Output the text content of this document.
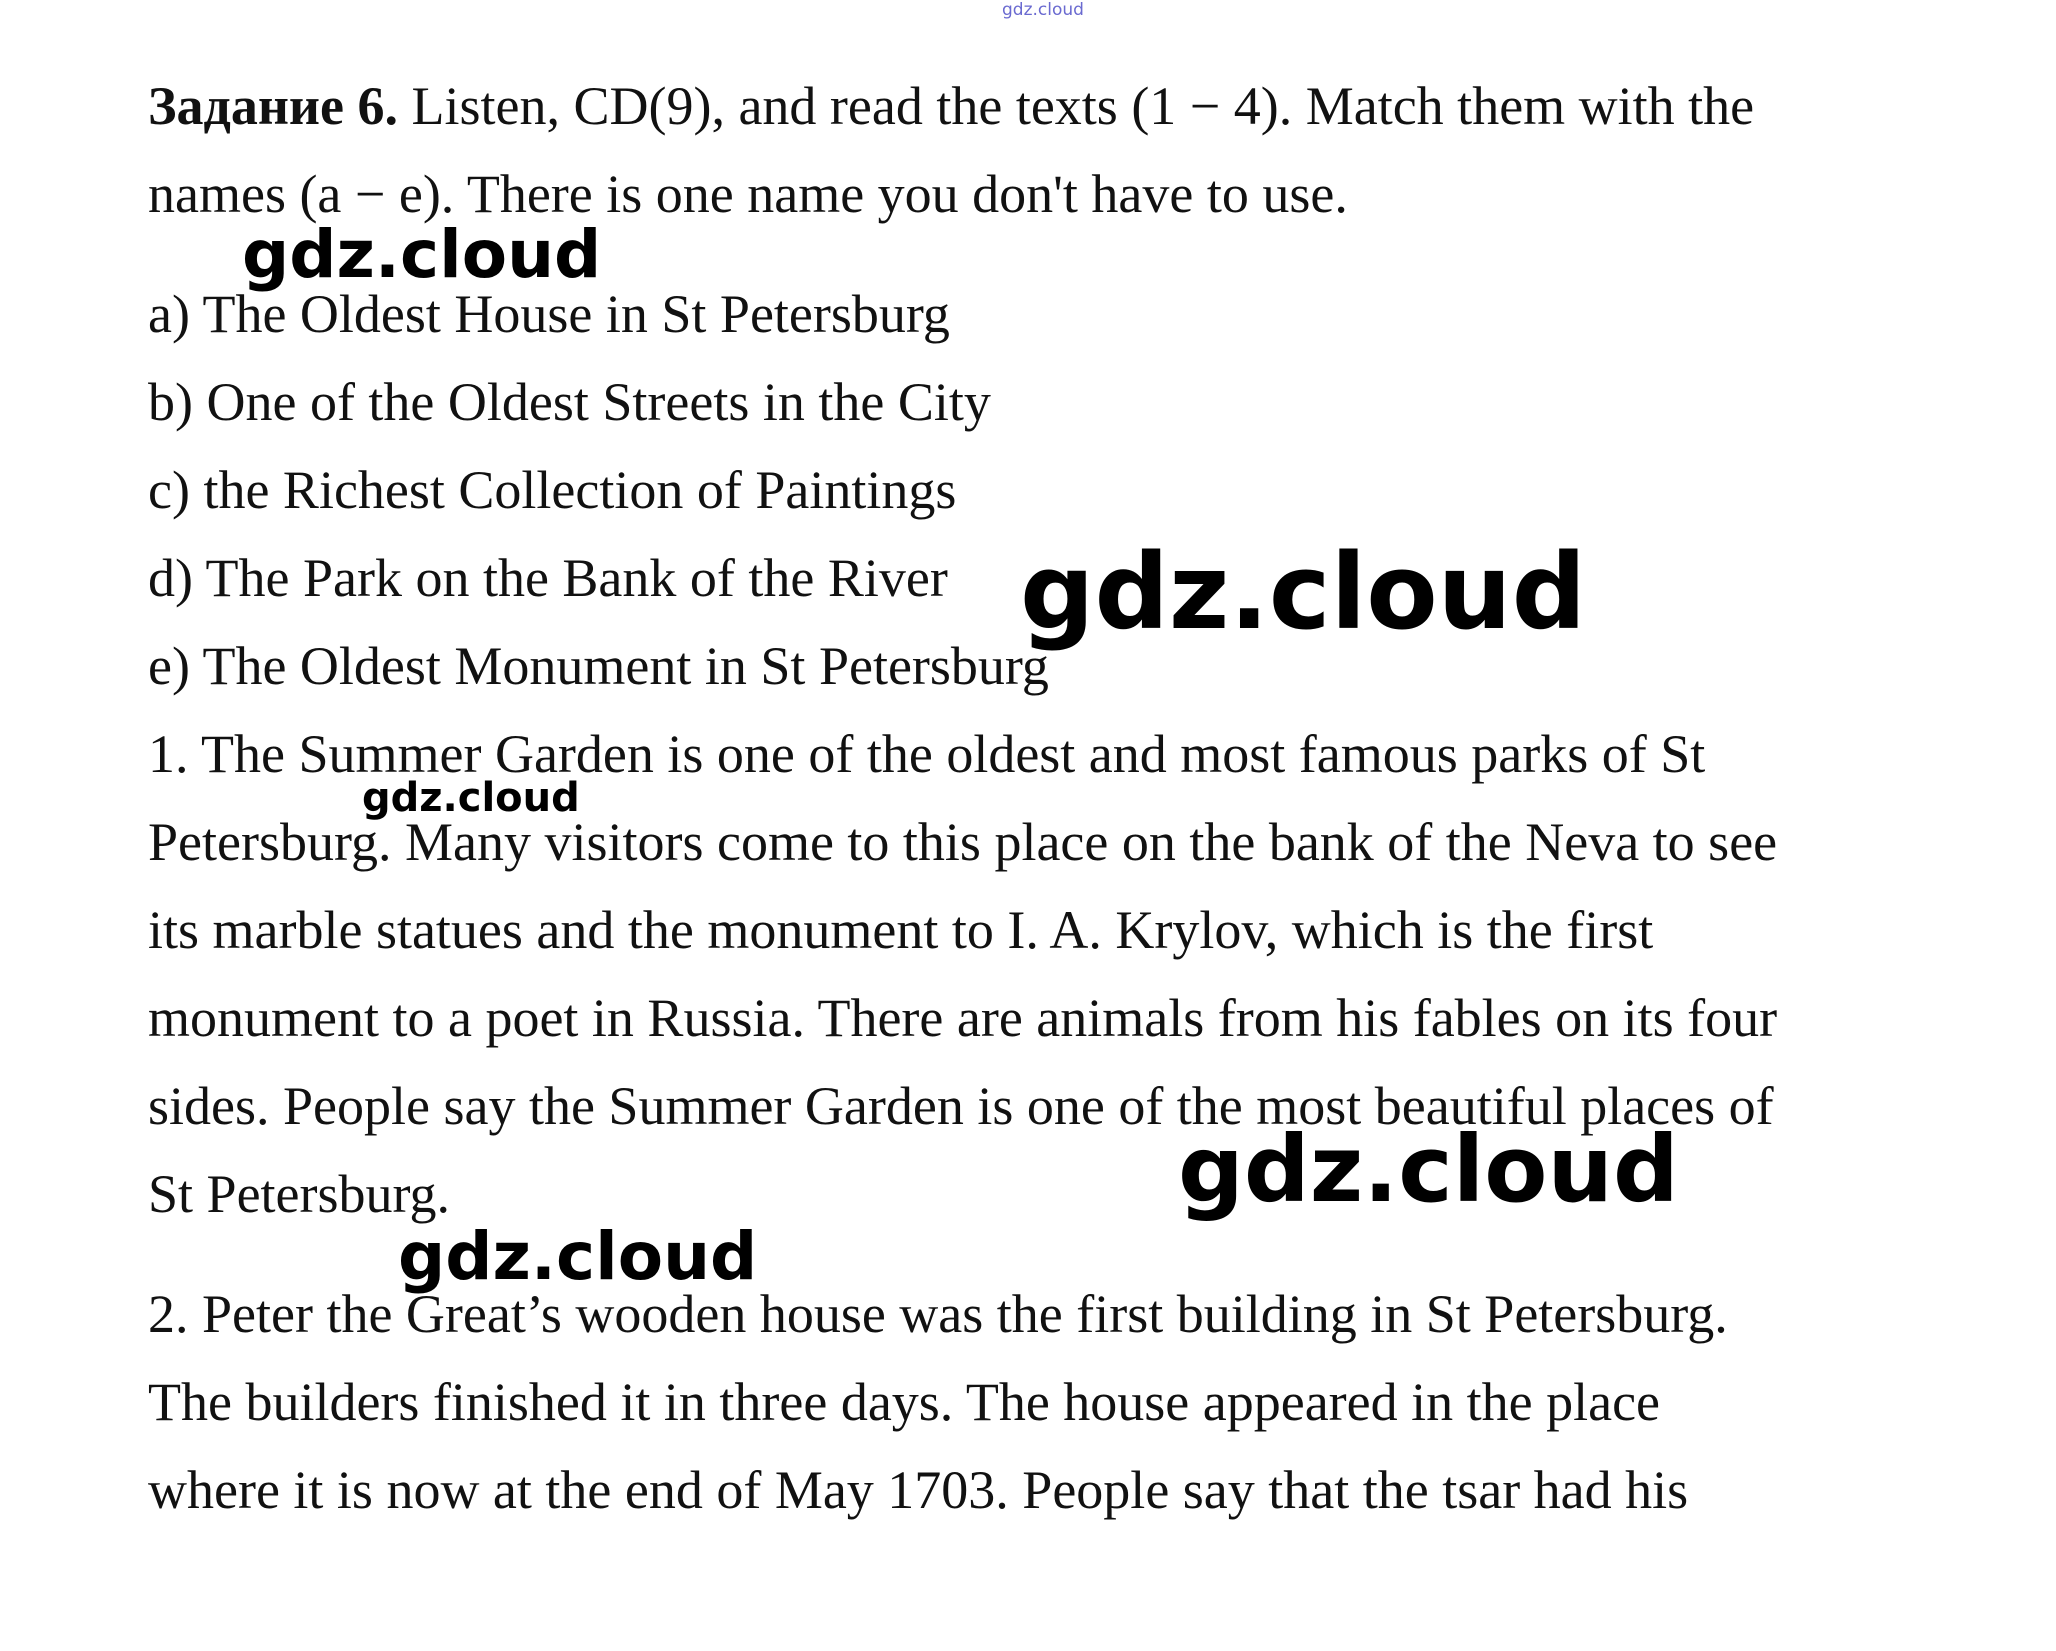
gdz.cloud
Задание 6. Listen, CD(9), and read the texts (1 − 4). Match them with the
names (a − e). There is one name you don't have to use.
gdz.cloud
a) The Oldest House in St Petersburg
b) One of the Oldest Streets in the City
c) the Richest Collection of Paintings
d) The Park on the Bank of the River
e) The Oldest Monument in St Petersburg
gdz.cloud
1. The Summer Garden is one of the oldest and most famous parks of St
gdz.cloud
Petersburg. Many visitors come to this place on the bank of the Neva to see
its marble statues and the monument to I. A. Krylov, which is the first
monument to a poet in Russia. There are animals from his fables on its four
sides. People say the Summer Garden is one of the most beautiful places of
St Petersburg.	gdz.cloud
gdz.cloud
2. Peter the Great’s wooden house was the first building in St Petersburg.
The builders finished it in three days. The house appeared in the place
where it is now at the end of May 1703. People say that the tsar had his
